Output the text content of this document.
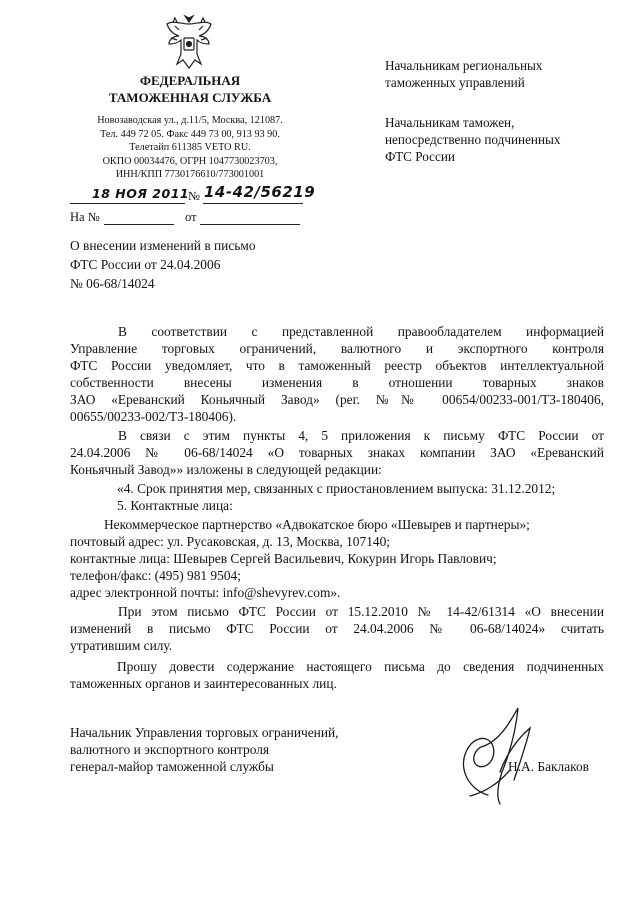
ФЕДЕРАЛЬНАЯ
ТАМОЖЕННАЯ СЛУЖБА
Новозаводская ул., д.11/5, Москва, 121087.
Тел. 449 72 05. Факс 449 73 00, 913 93 90.
Телетайп 611385 VETO RU.
ОКПО 00034476, ОГРН 1047730023703,
ИНН/КПП 7730176610/773001001
18 НОЯ 2011
№ 14-42/56219
На №	от
Начальникам региональных
таможенных управлений
Начальникам таможен,
непосредственно подчиненных
ФТС России
О внесении изменений в письмо
ФТС России от 24.04.2006
№ 06-68/14024
В соответствии с представленной правообладателем информацией
Управление торговых ограничений, валютного и экспортного контроля
ФТС России уведомляет, что в таможенный реестр объектов интеллектуальной
собственности внесены изменения в отношении товарных знаков
ЗАО «Ереванский Коньячный Завод» (рег. №№ 00654/00233-001/ТЗ-180406,
00655/00233-002/ТЗ-180406).
В связи с этим пункты 4, 5 приложения к письму ФТС России от
24.04.2006 № 06-68/14024 «О товарных знаках компании ЗАО «Ереванский
Коньячный Завод»» изложены в следующей редакции:
«4. Срок принятия мер, связанных с приостановлением выпуска: 31.12.2012;
5. Контактные лица:
Некоммерческое партнерство «Адвокатское бюро «Шевырев и партнеры»;
почтовый адрес: ул. Русаковская, д. 13, Москва, 107140;
контактные лица: Шевырев Сергей Васильевич, Кокурин Игорь Павлович;
телефон/факс: (495) 981 9504;
адрес электронной почты: info@shevyrev.com».
При этом письмо ФТС России от 15.12.2010 № 14-42/61314 «О внесении
изменений в письмо ФТС России от 24.04.2006 № 06-68/14024» считать
утратившим силу.
Прошу довести содержание настоящего письма до сведения подчиненных
таможенных органов и заинтересованных лиц.
Начальник Управления торговых ограничений,
валютного и экспортного контроля
генерал-майор таможенной службы	Н.А. Баклаков
